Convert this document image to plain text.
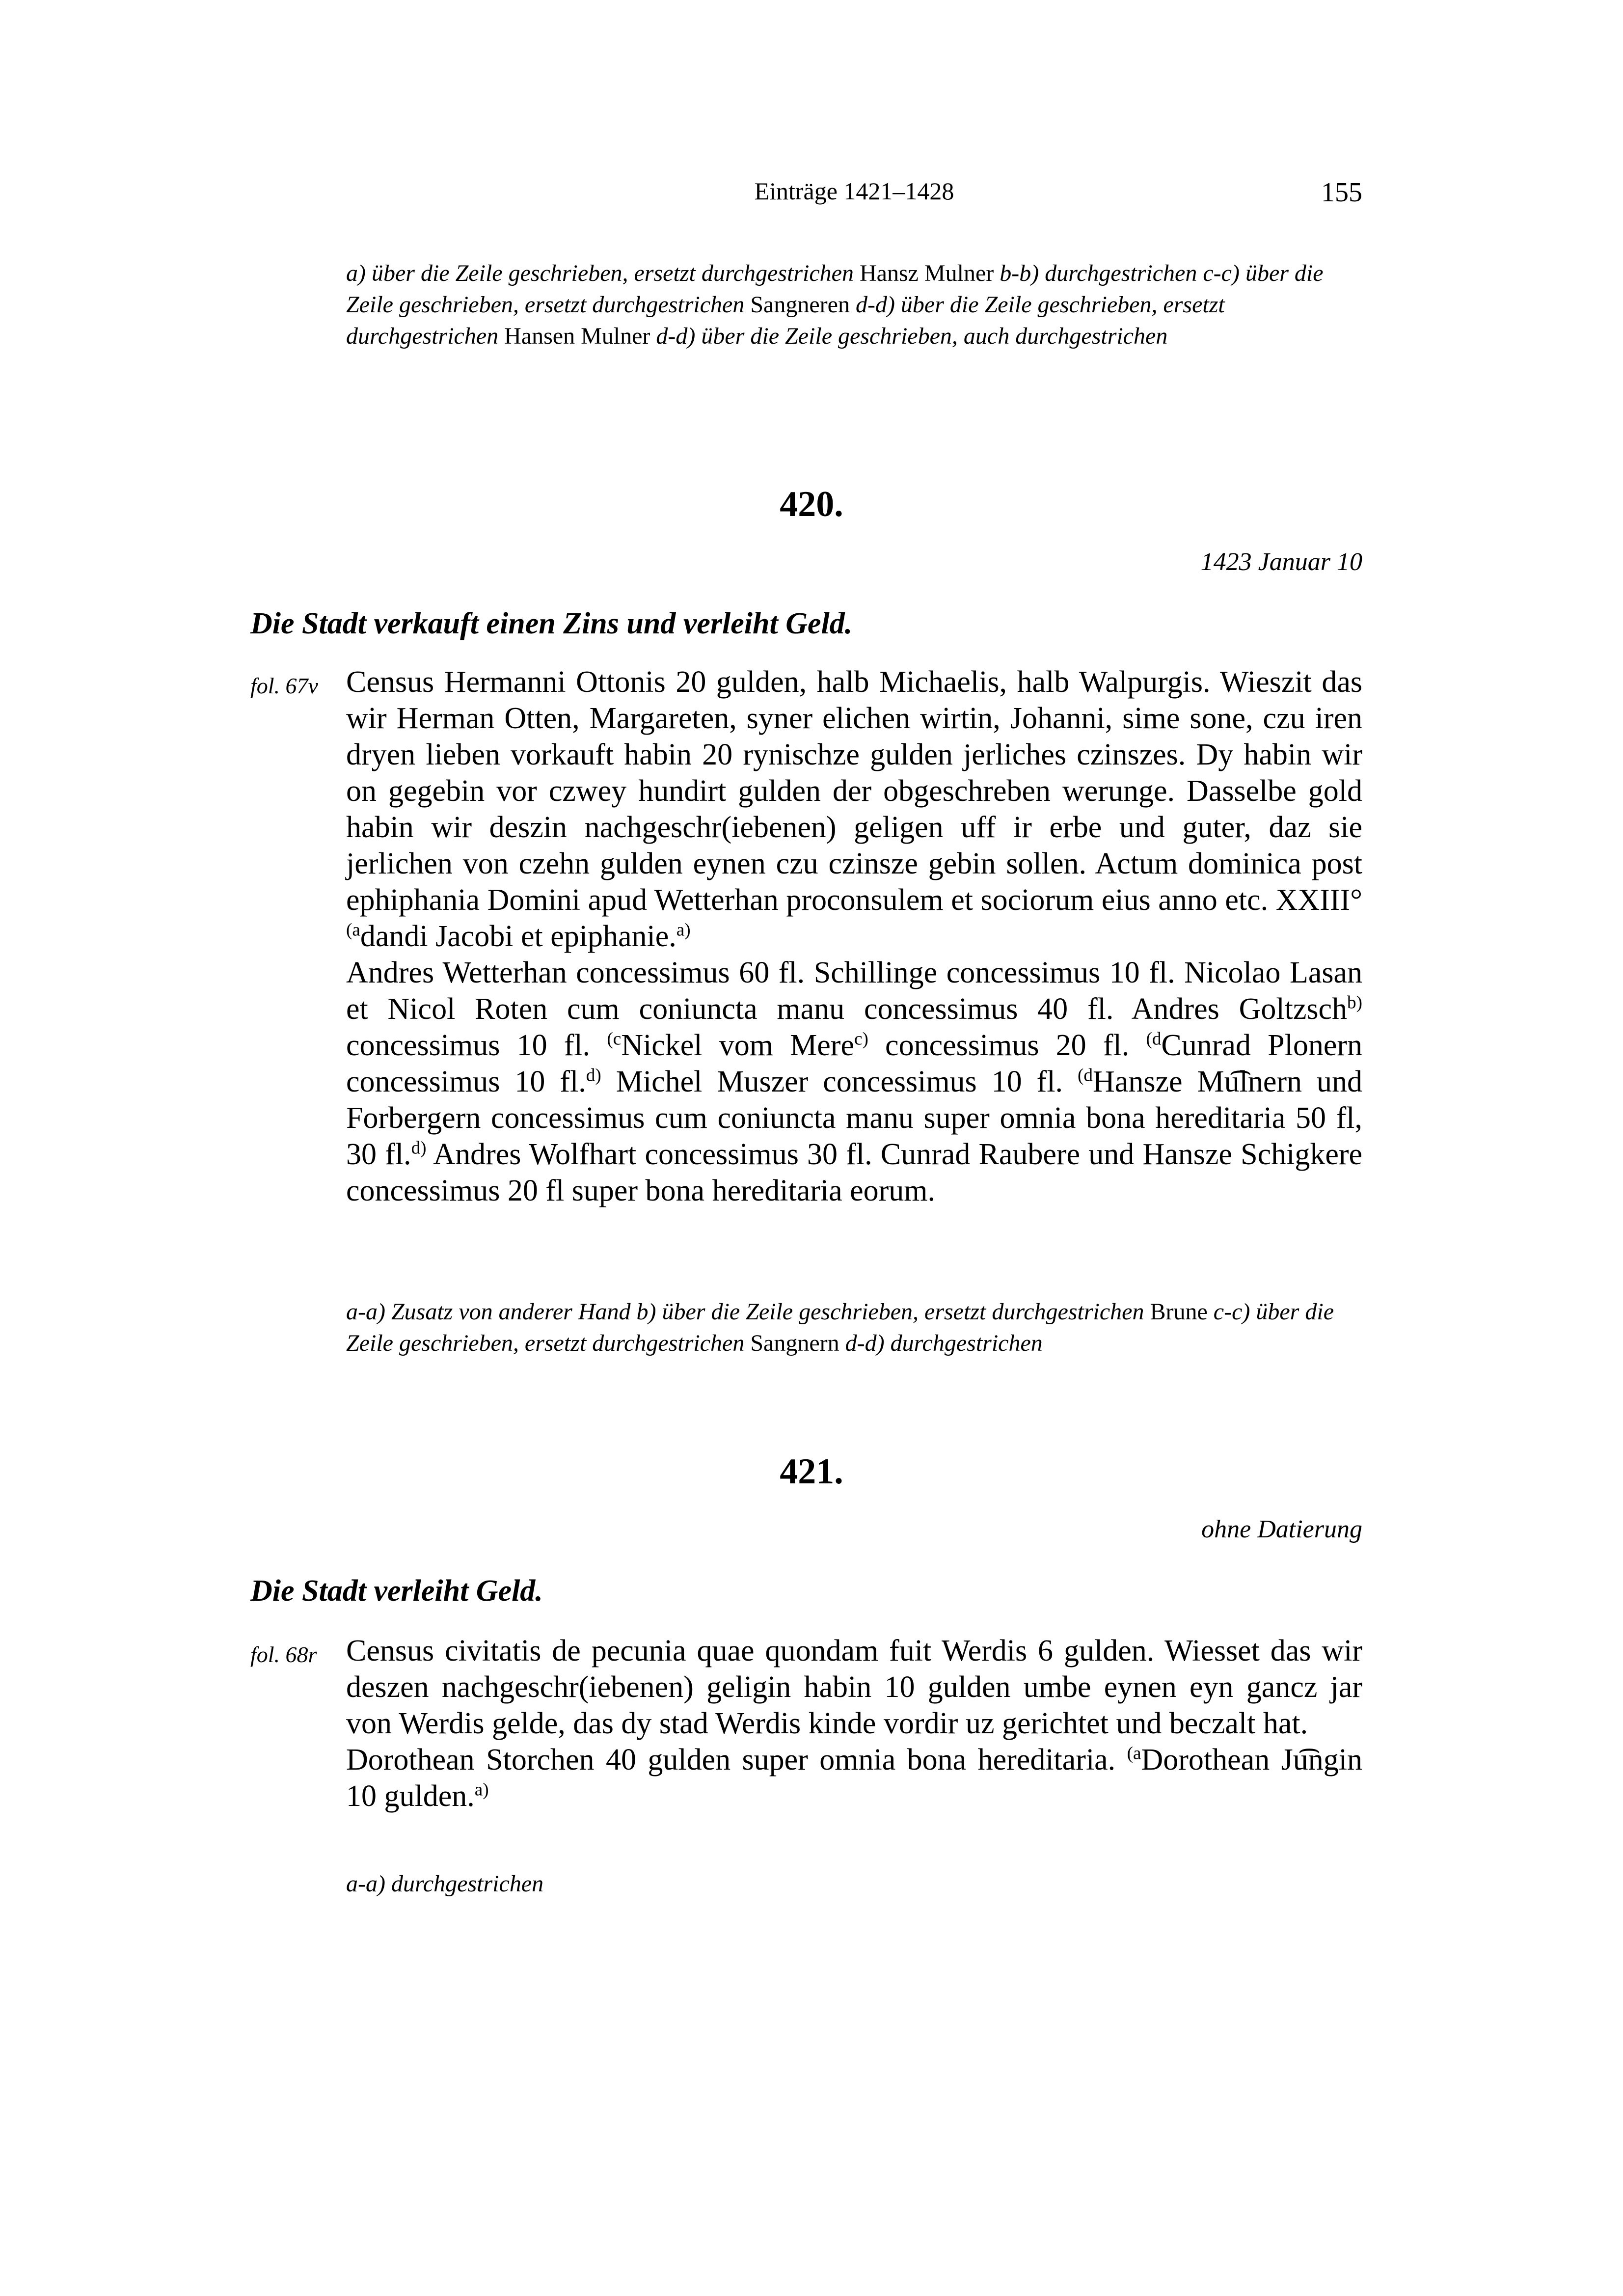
Einträge 1421–1428	155
a) über die Zeile geschrieben, ersetzt durchgestrichen Hansz Mulner b-b) durchgestrichen c-c) über die Zeile geschrieben, ersetzt durchgestrichen Sangneren d-d) über die Zeile geschrieben, ersetzt durchgestrichen Hansen Mulner d-d) über die Zeile geschrieben, auch durchgestrichen
420.
1423 Januar 10
Die Stadt verkauft einen Zins und verleiht Geld.
fol. 67v Census Hermanni Ottonis 20 gulden, halb Michaelis, halb Walpurgis. Wieszit das wir Herman Otten, Margareten, syner elichen wirtin, Johanni, sime sone, czu iren dryen lieben vorkauft habin 20 rynischze gulden jerliches czinszes. Dy habin wir on gegebin vor czwey hundirt gulden der obgeschreben werunge. Dasselbe gold habin wir deszin nachgeschr(iebenen) geligen uff ir erbe und guter, daz sie jerlichen von czehn gulden eynen czu czinsze gebin sollen. Actum dominica post ephiphania Domini apud Wetterhan proconsulem et sociorum eius anno etc. XXIII° $^{(a}$dandi Jacobi et epiphanie.$^{a)}$

Andres Wetterhan concessimus 60 fl. Schillinge concessimus 10 fl. Nicolao Lasan et Nicol Roten cum coniuncta manu concessimus 40 fl. Andres Goltzsch$^{b)}$ concessimus 10 fl. $^{(c}$Nickel vom Mere$^{c)}$ concessimus 20 fl. $^{(d}$Cunrad Plonern concessimus 10 fl.$^{d)}$ Michel Muszer concessimus 10 fl. $^{(d}$Hansze Mu͡lnern und Forbergern concessimus cum coniuncta manu super omnia bona hereditaria 50 fl, 30 fl.$^{d)}$ Andres Wolfhart concessimus 30 fl. Cunrad Raubere und Hansze Schigkere concessimus 20 fl super bona hereditaria eorum.

a-a) Zusatz von anderer Hand b) über die Zeile geschrieben, ersetzt durchgestrichen Brune c-c) über die Zeile geschrieben, ersetzt durchgestrichen Sangnern d-d) durchgestrichen
421.
ohne Datierung
Die Stadt verleiht Geld.
fol. 68r Census civitatis de pecunia quae quondam fuit Werdis 6 gulden. Wiesset das wir deszen nachgeschr(iebenen) geligin habin 10 gulden umbe eynen eyn gancz jar von Werdis gelde, das dy stad Werdis kinde vordir uz gerichtet und beczalt hat.

Dorothean Storchen 40 gulden super omnia bona hereditaria. $^{(a}$Dorothean Ju͡ngin 10 gulden.$^{a)}$

a-a) durchgestrichen
